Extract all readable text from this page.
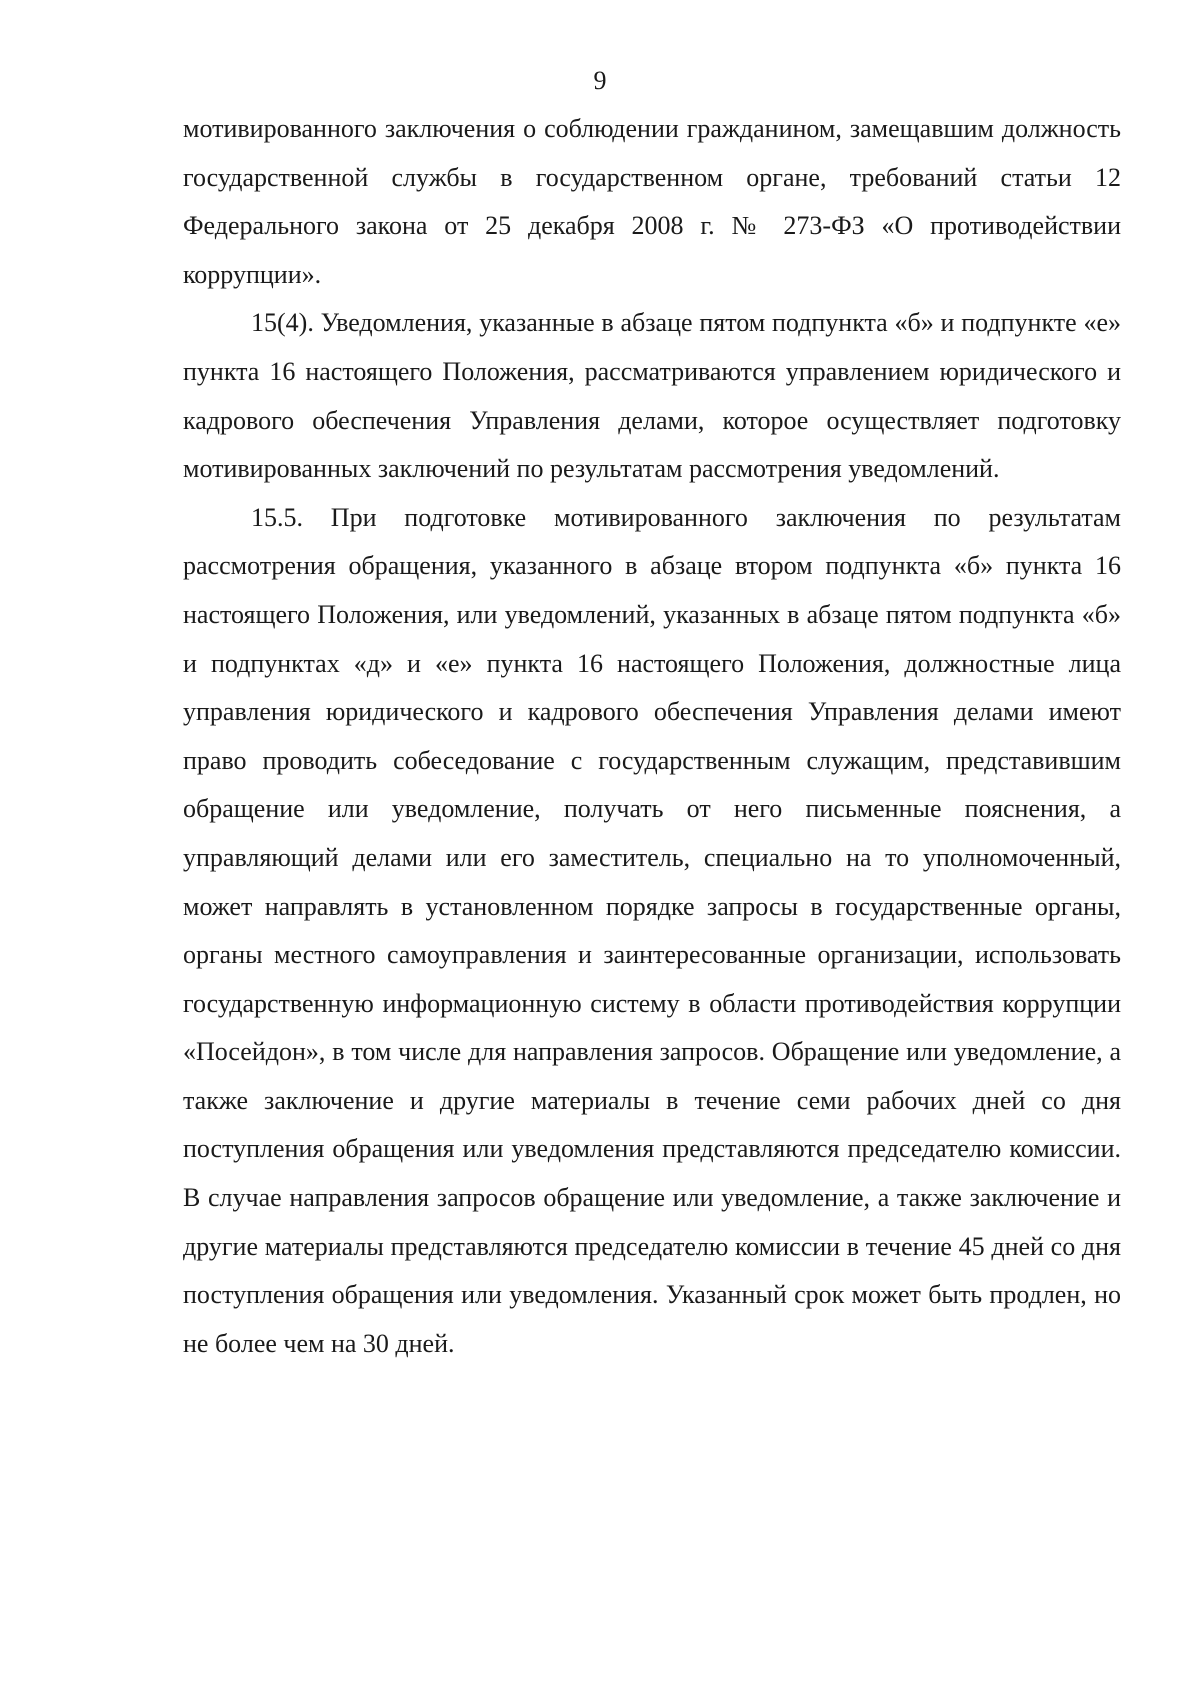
9

мотивированного заключения о соблюдении гражданином, замещавшим должность государственной службы в государственном органе, требований статьи 12 Федерального закона от 25 декабря 2008 г. № 273-ФЗ «О противодействии коррупции».

15(4). Уведомления, указанные в абзаце пятом подпункта «б» и подпункте «е» пункта 16 настоящего Положения, рассматриваются управлением юридического и кадрового обеспечения Управления делами, которое осуществляет подготовку мотивированных заключений по результатам рассмотрения уведомлений.

15.5. При подготовке мотивированного заключения по результатам рассмотрения обращения, указанного в абзаце втором подпункта «б» пункта 16 настоящего Положения, или уведомлений, указанных в абзаце пятом подпункта «б» и подпунктах «д» и «е» пункта 16 настоящего Положения, должностные лица управления юридического и кадрового обеспечения Управления делами имеют право проводить собеседование с государственным служащим, представившим обращение или уведомление, получать от него письменные пояснения, а управляющий делами или его заместитель, специально на то уполномоченный, может направлять в установленном порядке запросы в государственные органы, органы местного самоуправления и заинтересованные организации, использовать государственную информационную систему в области противодействия коррупции «Посейдон», в том числе для направления запросов. Обращение или уведомление, а также заключение и другие материалы в течение семи рабочих дней со дня поступления обращения или уведомления представляются председателю комиссии. В случае направления запросов обращение или уведомление, а также заключение и другие материалы представляются председателю комиссии в течение 45 дней со дня поступления обращения или уведомления. Указанный срок может быть продлен, но не более чем на 30 дней.
